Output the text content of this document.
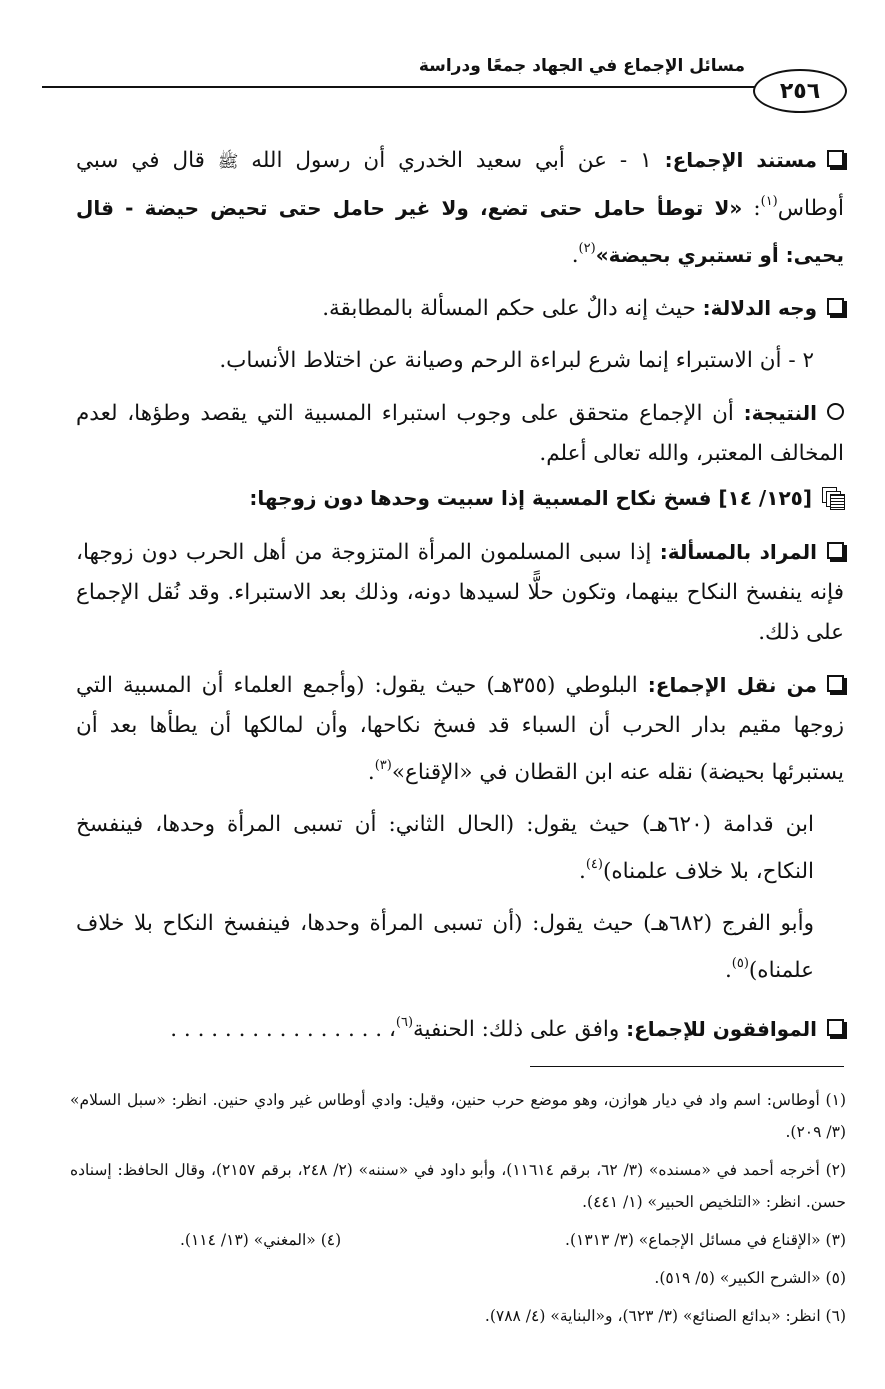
مسائل الإجماع في الجهاد جمعًا ودراسة
٢٥٦

مستند الإجماع: ١ - عن أبي سعيد الخدري أن رسول الله ﷺ قال في سبي أوطاس$^{(١)}$: «لا توطأ حامل حتى تضع، ولا غير حامل حتى تحيض حيضة - قال يحيى: أو تستبري بحيضة»$^{(٢)}$.

وجه الدلالة: حيث إنه دالٌ على حكم المسألة بالمطابقة.

٢ - أن الاستبراء إنما شرع لبراءة الرحم وصيانة عن اختلاط الأنساب.

النتيجة: أن الإجماع متحقق على وجوب استبراء المسبية التي يقصد وطؤها، لعدم المخالف المعتبر، والله تعالى أعلم.

[١٢٥/ ١٤] فسخ نكاح المسبية إذا سبيت وحدها دون زوجها:

المراد بالمسألة: إذا سبى المسلمون المرأة المتزوجة من أهل الحرب دون زوجها، فإنه ينفسخ النكاح بينهما، وتكون حلًّا لسيدها دونه، وذلك بعد الاستبراء. وقد نُقل الإجماع على ذلك.

من نقل الإجماع: البلوطي (٣٥٥هـ) حيث يقول: (وأجمع العلماء أن المسبية التي زوجها مقيم بدار الحرب أن السباء قد فسخ نكاحها، وأن لمالكها أن يطأها بعد أن يستبرئها بحيضة) نقله عنه ابن القطان في «الإقناع»$^{(٣)}$.

ابن قدامة (٦٢٠هـ) حيث يقول: (الحال الثاني: أن تسبى المرأة وحدها، فينفسخ النكاح، بلا خلاف علمناه)$^{(٤)}$.

وأبو الفرج (٦٨٢هـ) حيث يقول: (أن تسبى المرأة وحدها، فينفسخ النكاح بلا خلاف علمناه)$^{(٥)}$.

الموافقون للإجماع: وافق على ذلك: الحنفية$^{(٦)}$، . . . . . . . . . . . . . . . .

(١) أوطاس: اسم واد في ديار هوازن، وهو موضع حرب حنين، وقيل: وادي أوطاس غير وادي حنين. انظر: «سبل السلام» (٣/ ٢٠٩).

(٢) أخرجه أحمد في «مسنده» (٣/ ٦٢، برقم ١١٦١٤)، وأبو داود في «سننه» (٢/ ٢٤٨، برقم ٢١٥٧)، وقال الحافظ: إسناده حسن. انظر: «التلخيص الحبير» (١/ ٤٤١).

(٣) «الإقناع في مسائل الإجماع» (٣/ ١٣١٣).

(٤) «المغني» (١٣/ ١١٤).

(٥) «الشرح الكبير» (٥/ ٥١٩).

(٦) انظر: «بدائع الصنائع» (٣/ ٦٢٣)، و«البناية» (٤/ ٧٨٨).
